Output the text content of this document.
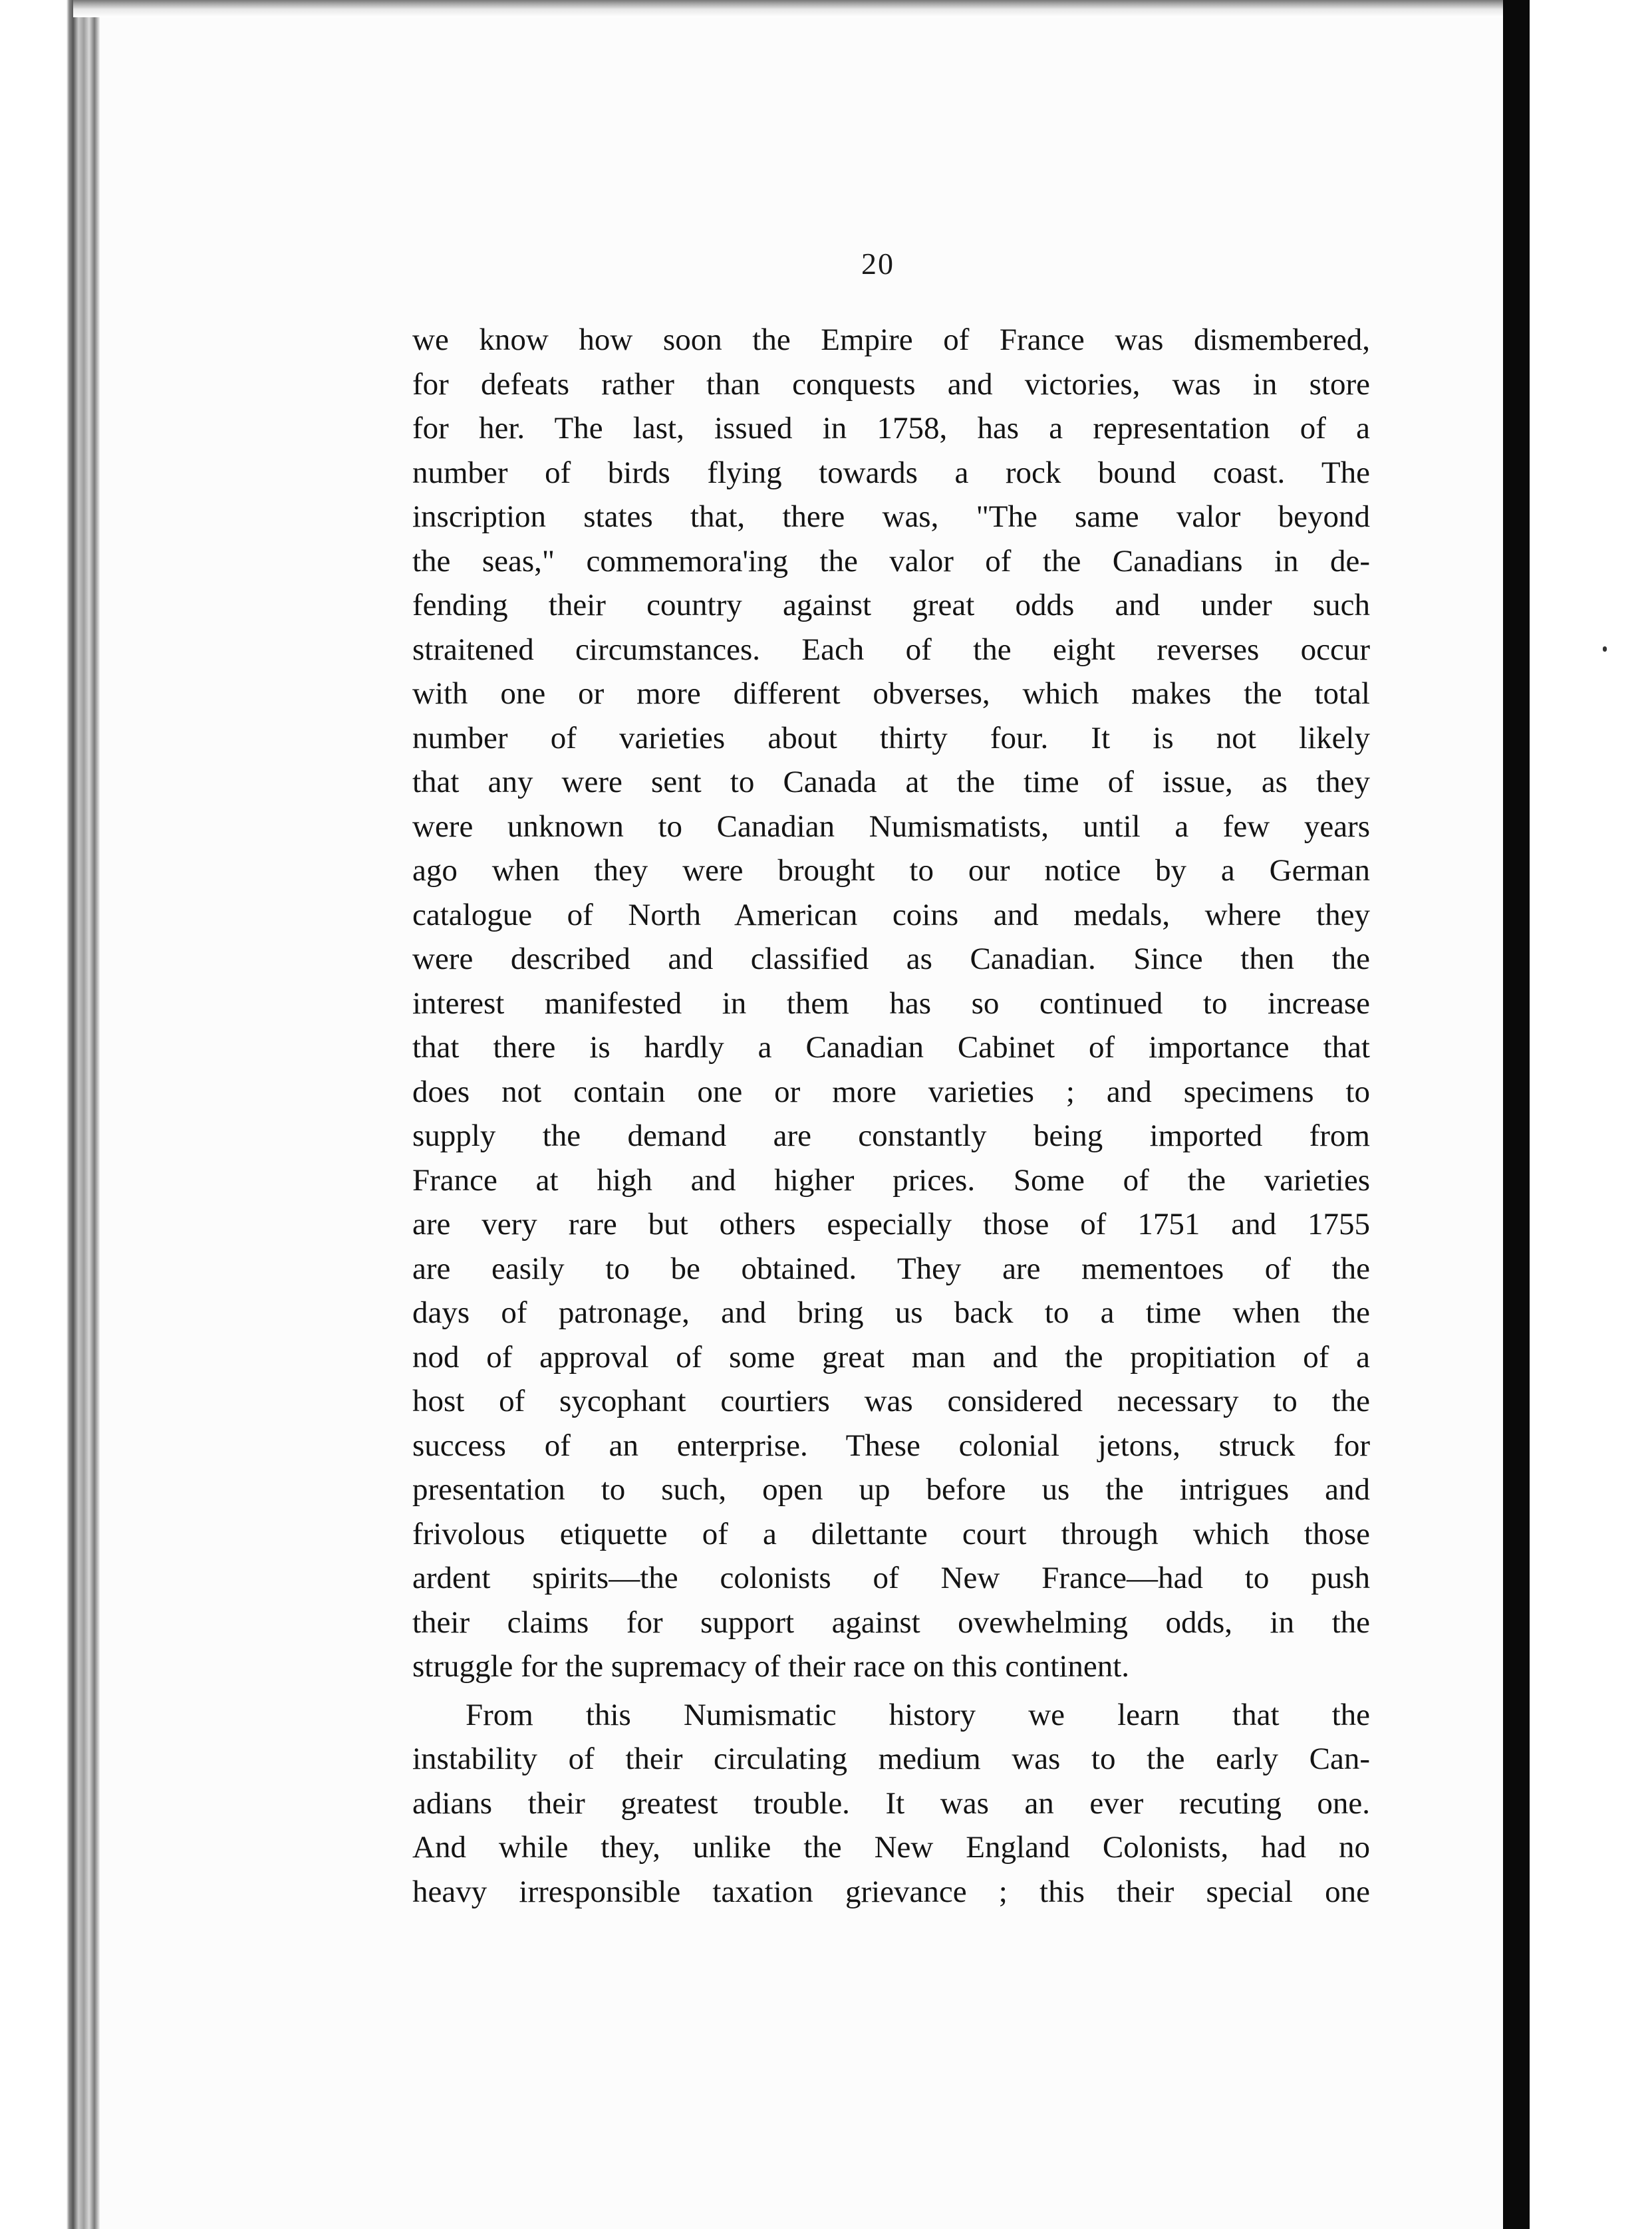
20
we know how soon the Empire of France was dismembered,
for defeats rather than conquests and victories, was in store
for her. The last, issued in 1758, has a representation of a
number of birds flying towards a rock bound coast. The
inscription states that, there was, "The same valor beyond
the seas," commemora'ing the valor of the Canadians in de-
fending their country against great odds and under such
straitened circumstances. Each of the eight reverses occur
with one or more different obverses, which makes the total
number of varieties about thirty four. It is not likely
that any were sent to Canada at the time of issue, as they
were unknown to Canadian Numismatists, until a few years
ago when they were brought to our notice by a German
catalogue of North American coins and medals, where they
were described and classified as Canadian. Since then the
interest manifested in them has so continued to increase
that there is hardly a Canadian Cabinet of importance that
does not contain one or more varieties ; and specimens to
supply the demand are constantly being imported from
France at high and higher prices. Some of the varieties
are very rare but others especially those of 1751 and 1755
are easily to be obtained. They are mementoes of the
days of patronage, and bring us back to a time when the
nod of approval of some great man and the propitiation of a
host of sycophant courtiers was considered necessary to the
success of an enterprise. These colonial jetons, struck for
presentation to such, open up before us the intrigues and
frivolous etiquette of a dilettante court through which those
ardent spirits—the colonists of New France—had to push
their claims for support against ovewhelming odds, in the
struggle for the supremacy of their race on this continent.
From this Numismatic history we learn that the
instability of their circulating medium was to the early Can-
adians their greatest trouble. It was an ever recuting one.
And while they, unlike the New England Colonists, had no
heavy irresponsible taxation grievance ; this their special one
